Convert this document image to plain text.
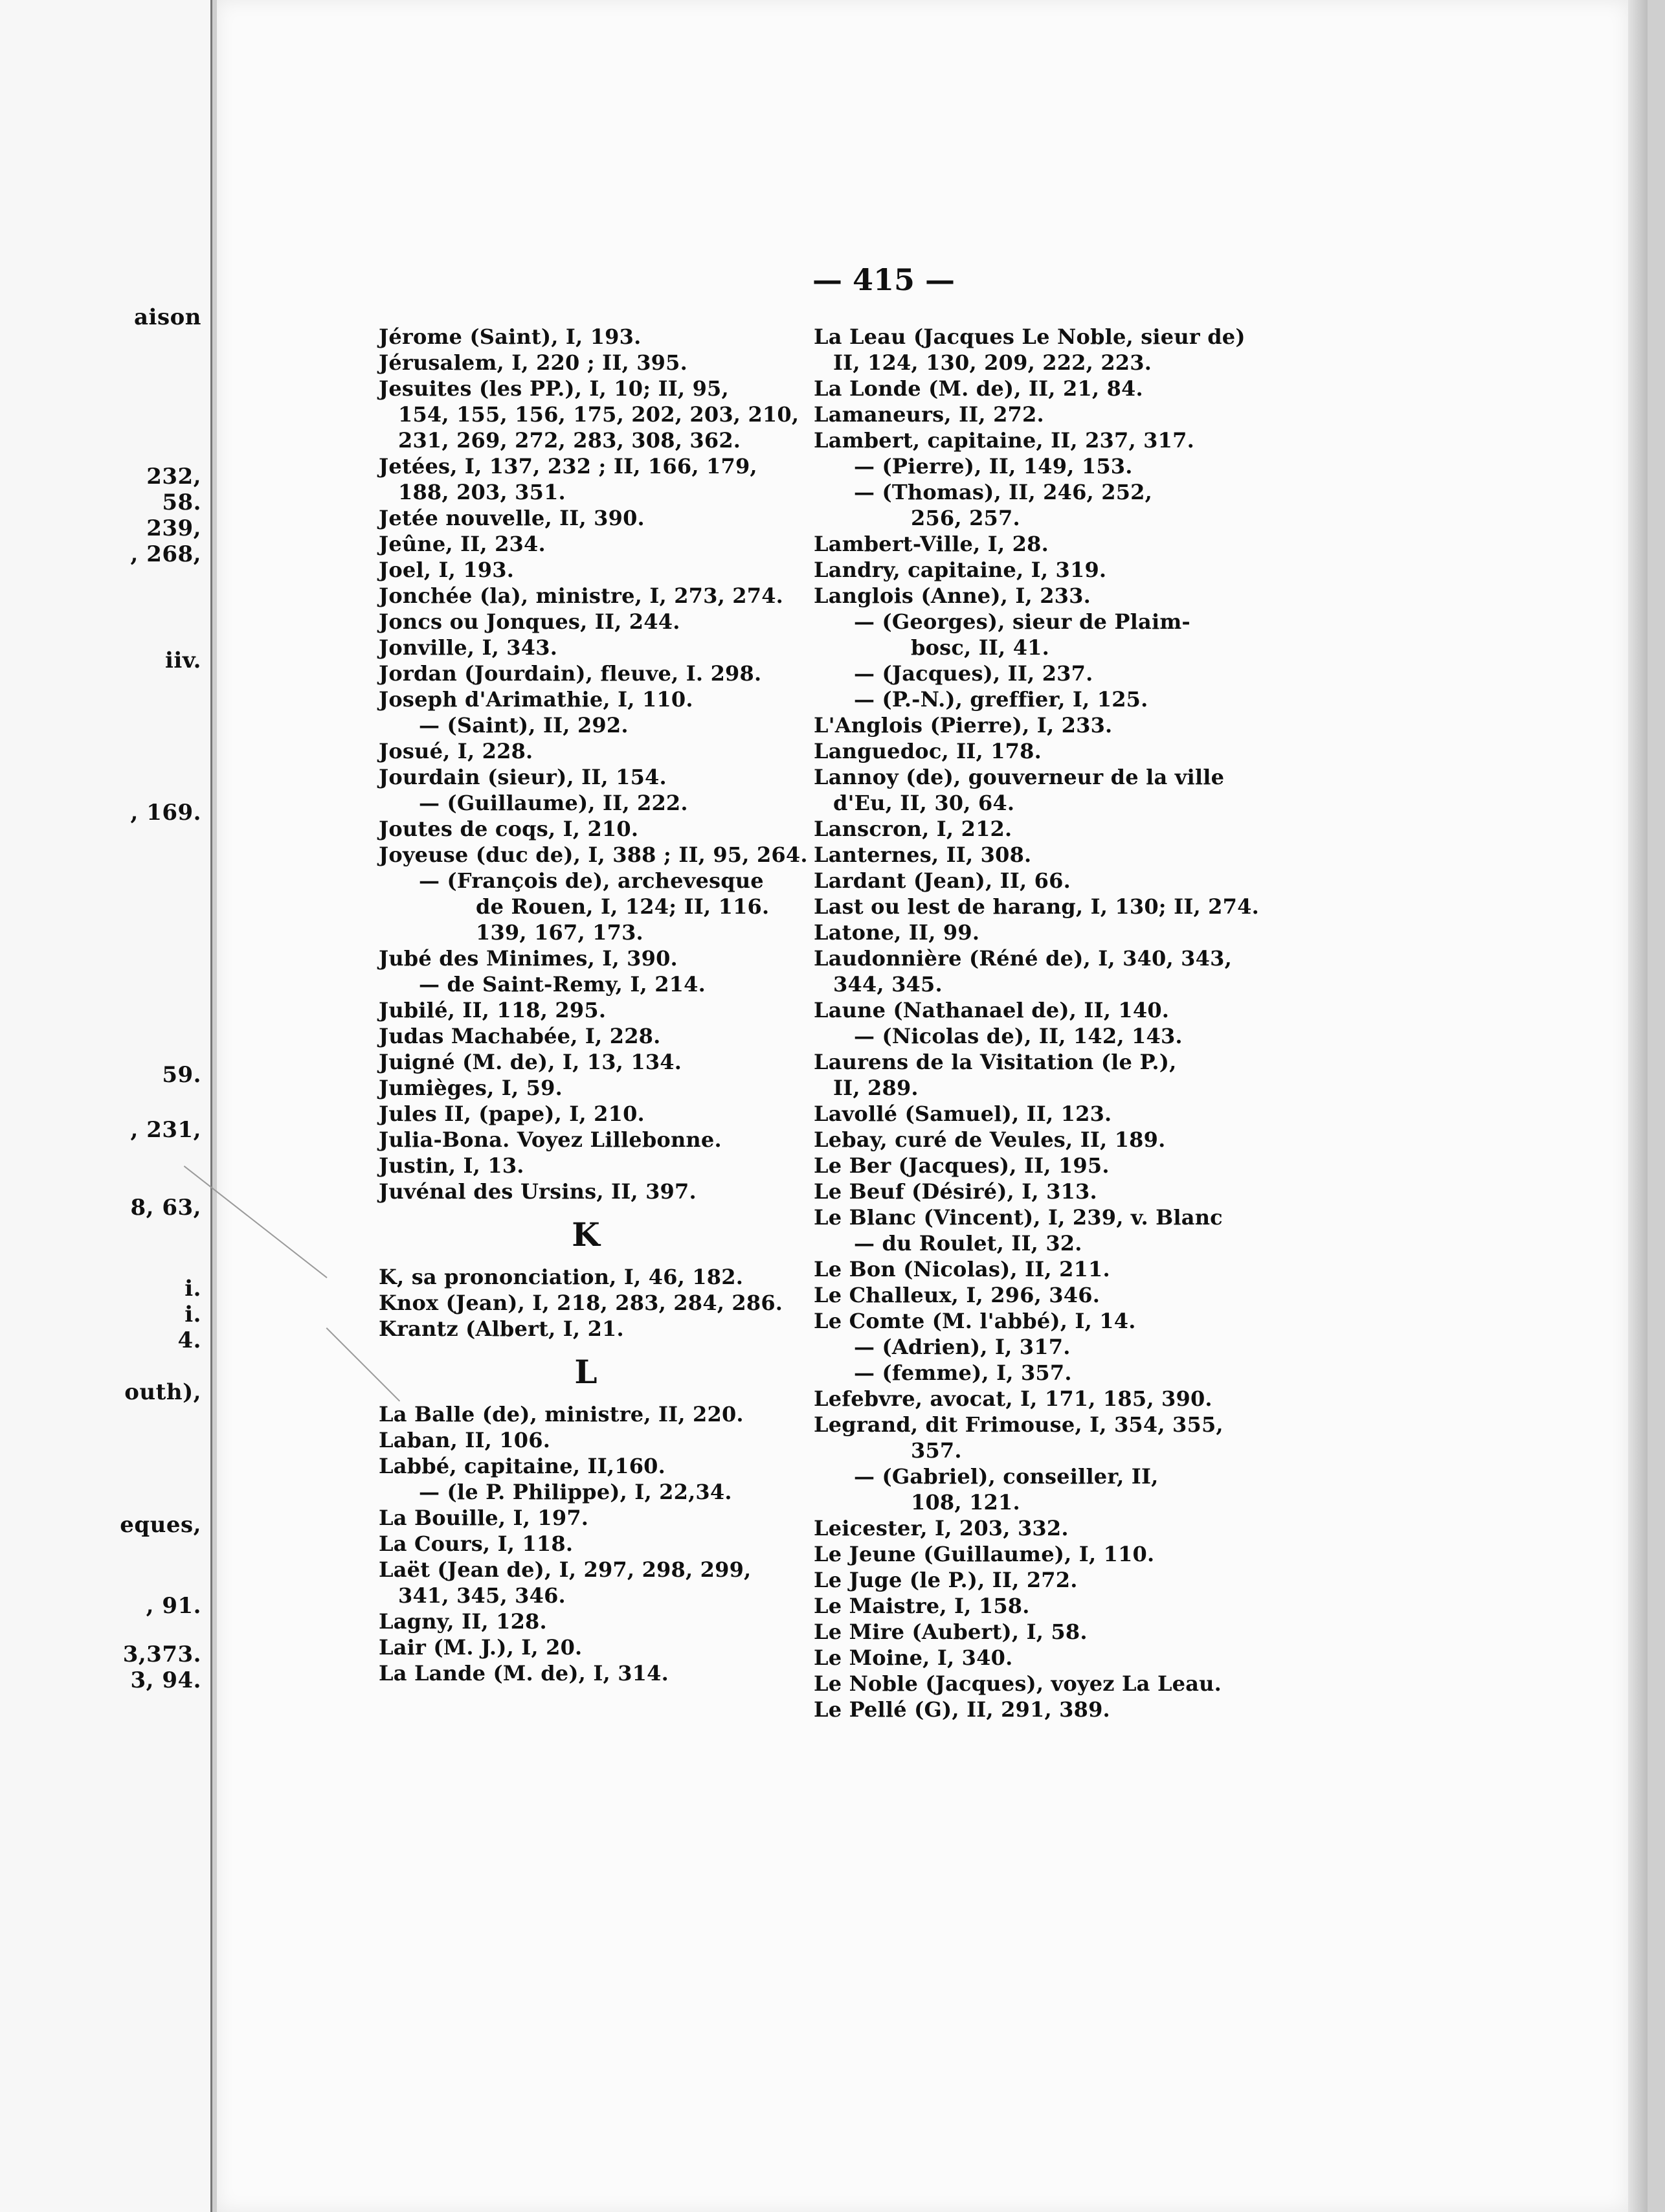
aison
232,
58.
239,
, 268,
iiv.
, 169.
59.
, 231,
8, 63,
i.
i.
4.
outh),
eques,
, 91.
3,373.
3, 94.
— 415 —
Jérome (Saint), I, 193.
Jérusalem, I, 220 ; II, 395.
Jesuites (les PP.), I, 10; II, 95,
154, 155, 156, 175, 202, 203, 210,
231, 269, 272, 283, 308, 362.
Jetées, I, 137, 232 ; II, 166, 179,
188, 203, 351.
Jetée nouvelle, II, 390.
Jeûne, II, 234.
Joel, I, 193.
Jonchée (la), ministre, I, 273, 274.
Joncs ou Jonques, II, 244.
Jonville, I, 343.
Jordan (Jourdain), fleuve, I. 298.
Joseph d'Arimathie, I, 110.
— (Saint), II, 292.
Josué, I, 228.
Jourdain (sieur), II, 154.
— (Guillaume), II, 222.
Joutes de coqs, I, 210.
Joyeuse (duc de), I, 388 ; II, 95, 264.
— (François de), archevesque
de Rouen, I, 124; II, 116.
139, 167, 173.
Jubé des Minimes, I, 390.
— de Saint-Remy, I, 214.
Jubilé, II, 118, 295.
Judas Machabée, I, 228.
Juigné (M. de), I, 13, 134.
Jumièges, I, 59.
Jules II, (pape), I, 210.
Julia-Bona. Voyez Lillebonne.
Justin, I, 13.
Juvénal des Ursins, II, 397.
K
K, sa prononciation, I, 46, 182.
Knox (Jean), I, 218, 283, 284, 286.
Krantz (Albert, I, 21.
L
La Balle (de), ministre, II, 220.
Laban, II, 106.
Labbé, capitaine, II,160.
— (le P. Philippe), I, 22,34.
La Bouille, I, 197.
La Cours, I, 118.
Laët (Jean de), I, 297, 298, 299,
341, 345, 346.
Lagny, II, 128.
Lair (M. J.), I, 20.
La Lande (M. de), I, 314.
La Leau (Jacques Le Noble, sieur de)
II, 124, 130, 209, 222, 223.
La Londe (M. de), II, 21, 84.
Lamaneurs, II, 272.
Lambert, capitaine, II, 237, 317.
— (Pierre), II, 149, 153.
— (Thomas), II, 246, 252,
256, 257.
Lambert-Ville, I, 28.
Landry, capitaine, I, 319.
Langlois (Anne), I, 233.
— (Georges), sieur de Plaim-
bosc, II, 41.
— (Jacques), II, 237.
— (P.-N.), greffier, I, 125.
L'Anglois (Pierre), I, 233.
Languedoc, II, 178.
Lannoy (de), gouverneur de la ville
d'Eu, II, 30, 64.
Lanscron, I, 212.
Lanternes, II, 308.
Lardant (Jean), II, 66.
Last ou lest de harang, I, 130; II, 274.
Latone, II, 99.
Laudonnière (Réné de), I, 340, 343,
344, 345.
Laune (Nathanael de), II, 140.
— (Nicolas de), II, 142, 143.
Laurens de la Visitation (le P.),
II, 289.
Lavollé (Samuel), II, 123.
Lebay, curé de Veules, II, 189.
Le Ber (Jacques), II, 195.
Le Beuf (Désiré), I, 313.
Le Blanc (Vincent), I, 239, v. Blanc
— du Roulet, II, 32.
Le Bon (Nicolas), II, 211.
Le Challeux, I, 296, 346.
Le Comte (M. l'abbé), I, 14.
— (Adrien), I, 317.
— (femme), I, 357.
Lefebvre, avocat, I, 171, 185, 390.
Legrand, dit Frimouse, I, 354, 355,
357.
— (Gabriel), conseiller, II,
108, 121.
Leicester, I, 203, 332.
Le Jeune (Guillaume), I, 110.
Le Juge (le P.), II, 272.
Le Maistre, I, 158.
Le Mire (Aubert), I, 58.
Le Moine, I, 340.
Le Noble (Jacques), voyez La Leau.
Le Pellé (G), II, 291, 389.
